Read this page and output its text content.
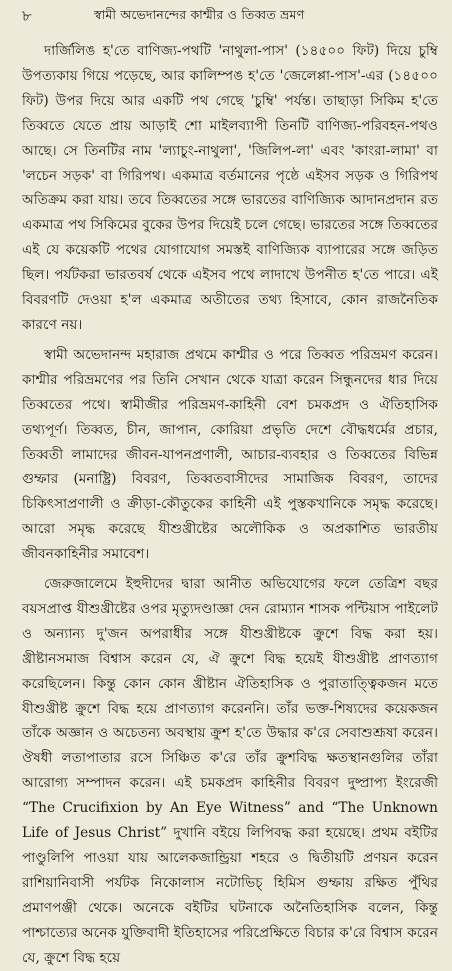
৮	স্বামী অভেদানন্দের কাশ্মীর ও তিব্বত ভ্রমণ

দার্জিলিঙ হ'তে বাণিজ্য-পথটি 'নাথুলা-পাস' (১৪৫০০ ফিট) দিয়ে চুম্বি উপত্যকায় গিয়ে পড়েছে, আর কালিম্পঙ হ'তে 'জেলেপ্পা-পাস'-এর (১৪৫০০ ফিট) উপর দিয়ে আর একটি পথ গেছে 'চুম্বি' পর্যন্ত। তাছাড়া সিকিম হ'তে তিব্বতে যেতে প্রায় আড়াই শো মাইলব্যাপী তিনটি বাণিজ্য-পরিবহন-পথও আছে। সে তিনটির নাম 'ল্যাচুং-নাথুলা', 'জিলিপ-লা' এবং 'কাংরা-লামা' বা 'লচেন সড়ক' বা গিরিপথ। একমাত্র বর্তমানের পৃষ্ঠে এইসব সড়ক ও গিরিপথ অতিক্রম করা যায়। তবে তিব্বতের সঙ্গে ভারতের বাণিজ্যিক আদানপ্রদান রত একমাত্র পথ সিকিমের বুকের উপর দিয়েই চলে গেছে। ভারতের সঙ্গে তিব্বতের এই যে কয়েকটি পথের যোগাযোগ সমস্তই বাণিজ্যিক ব্যাপারের সঙ্গে জড়িত ছিল। পর্যটকরা ভারতবর্ষ থেকে এইসব পথে লাদাখে উপনীত হ'তে পারে। এই বিবরণটি দেওয়া হ'ল একমাত্র অতীতের তথ্য হিসাবে, কোন রাজনৈতিক কারণে নয়।

স্বামী অভেদানন্দ মহারাজ প্রথমে কাশ্মীর ও পরে তিব্বত পরিভ্রমণ করেন। কাশ্মীর পরিভ্রমণের পর তিনি সেখান থেকে যাত্রা করেন সিন্ধুনদের ধার দিয়ে তিব্বতের পথে। স্বামীজীর পরিভ্রমণ-কাহিনী বেশ চমকপ্রদ ও ঐতিহাসিক তথ্যপূর্ণ। তিব্বত, চীন, জাপান, কোরিয়া প্রভৃতি দেশে বৌদ্ধধর্মের প্রচার, তিব্বতী লামাদের জীবন-যাপনপ্রণালী, আচার-ব্যবহার ও তিব্বতের বিভিন্ন গুম্ফার (মনাষ্ট্রি) বিবরণ, তিব্বতবাসীদের সামাজিক বিবরণ, তাদের চিকিৎসাপ্রণালী ও ক্রীড়া-কৌতুকের কাহিনী এই পুস্তকখানিকে সমৃদ্ধ করেছে। আরো সমৃদ্ধ করেছে যীশুখ্রীষ্টের অলৌকিক ও অপ্রকাশিত ভারতীয় জীবনকাহিনীর সমাবেশ।

জেরুজালেমে ইহুদীদের দ্বারা আনীত অভিযোগের ফলে তেত্রিশ বছর বয়সপ্রাপ্ত যীশুখ্রীষ্টের ওপর মৃত্যুদণ্ডাজ্ঞা দেন রোম্যান শাসক পন্টিয়াস পাইলেট ও অন্যান্য দু'জন অপরাধীর সঙ্গে যীশুখ্রীষ্টকে ক্রুশে বিদ্ধ করা হয়। খ্রীষ্টানসমাজ বিশ্বাস করেন যে, ঐ ক্রুশে বিদ্ধ হয়েই যীশুখ্রীষ্ট প্রাণত্যাগ করেছিলেন। কিন্তু কোন কোন খ্রীষ্টান ঐতিহাসিক ও পুরাতাত্ত্বিকজন মতে যীশুখ্রীষ্ট ক্রুশে বিদ্ধ হয়ে প্রাণত্যাগ করেননি। তাঁর ভক্ত-শিষ্যদের কয়েকজন তাঁকে অজ্ঞান ও অচেতন্য অবস্থায় ক্রুশ হ'তে উদ্ধার ক'রে সেবাশুশ্রূষা করেন। ঔষধী লতাপাতার রসে সিঞ্চিত ক'রে তাঁর ক্রুশবিদ্ধ ক্ষতস্থানগুলির তাঁরা আরোগ্য সম্পাদন করেন। এই চমকপ্রদ কাহিনীর বিবরণ দুষ্প্রাপ্য ইংরেজী “The Crucifixion by An Eye Witness” and “The Unknown Life of Jesus Christ” দুখানি বইয়ে লিপিবদ্ধ করা হয়েছে। প্রথম বইটির পাণ্ডুলিপি পাওয়া যায় আলেকজান্ড্রিয়া শহরে ও দ্বিতীয়টি প্রণয়ন করেন রাশিয়ানিবাসী পর্যটক নিকোলাস নটোভিচ্ হিমিস গুম্ফায় রক্ষিত পুঁথির প্রমাণপঞ্জী থেকে। অনেকে বইটির ঘটনাকে অনৈতিহাসিক বলেন, কিন্তু পাশ্চাত্যের অনেক যুক্তিবাদী ইতিহাসের পরিপ্রেক্ষিতে বিচার ক'রে বিশ্বাস করেন যে, ক্রুশে বিদ্ধ হয়ে
